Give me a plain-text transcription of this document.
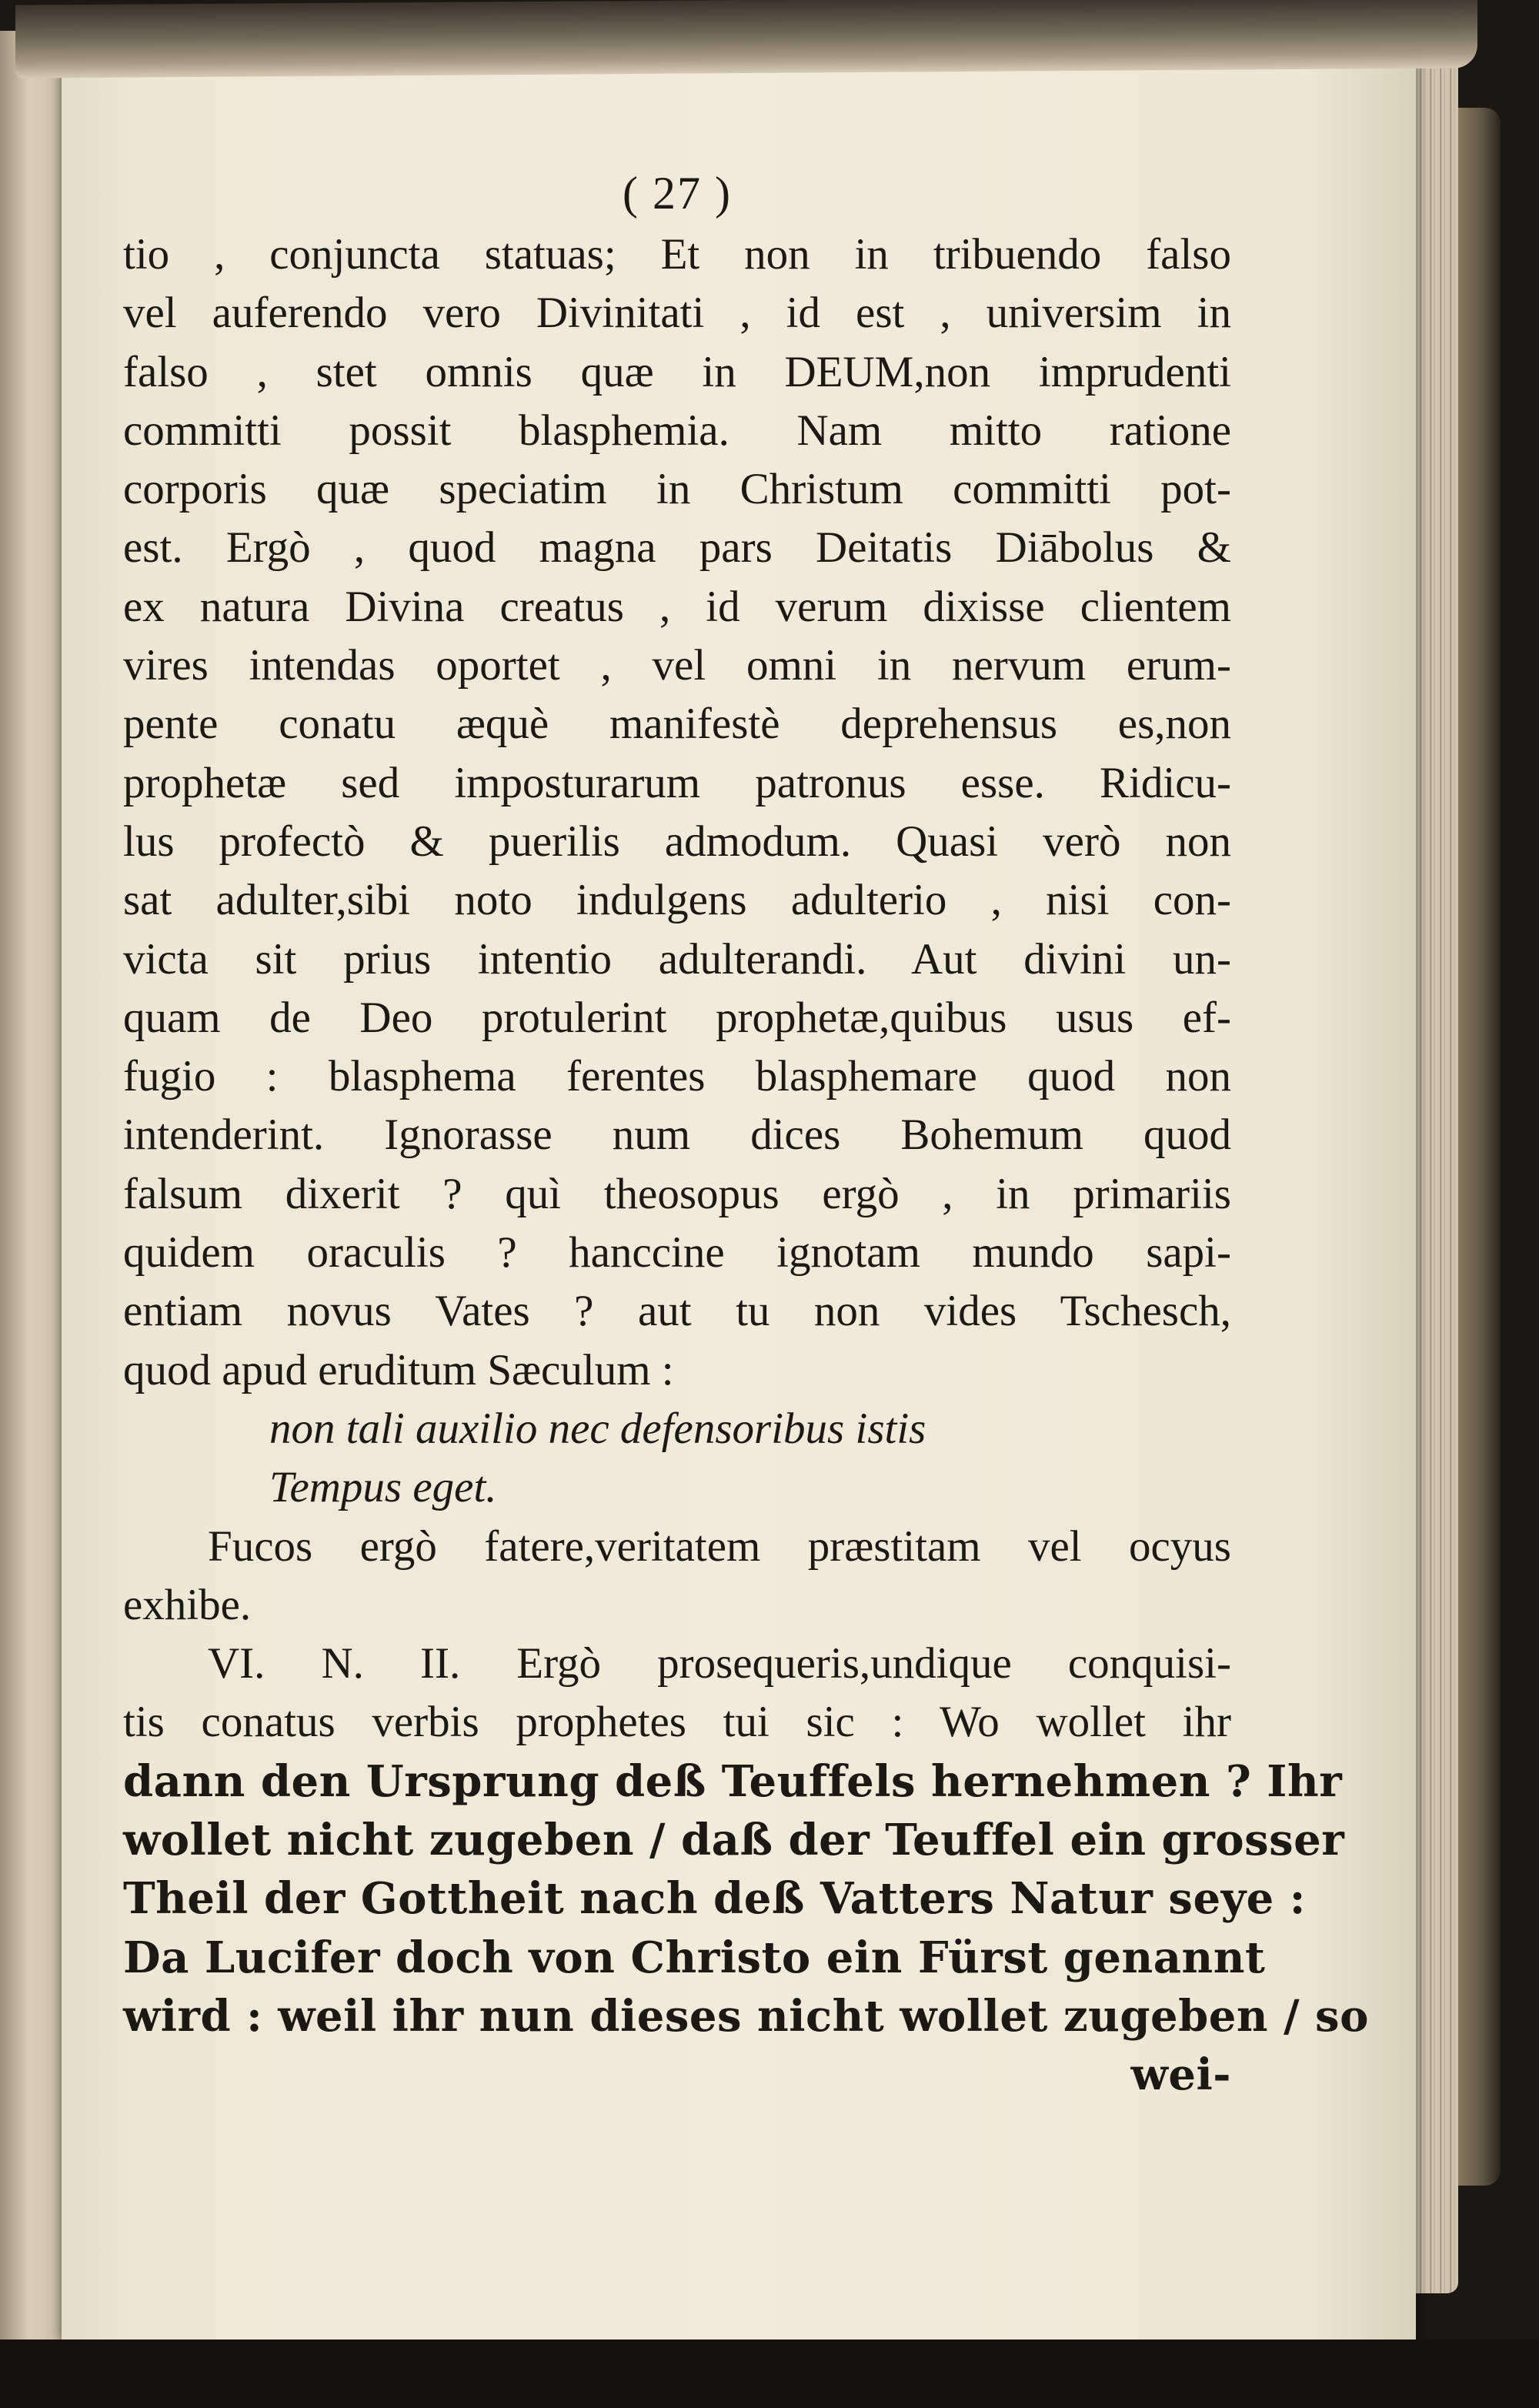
( 27 )
tio , conjuncta statuas; Et non in tribuendo falso
vel auferendo vero Divinitati , id est , universim in
falso , stet omnis quæ in DEUM,non imprudenti
committi possit blasphemia. Nam mitto ratione
corporis quæ speciatim in Christum committi pot-
est. Ergò , quod magna pars Deitatis Diābolus &
ex natura Divina creatus , id verum dixisse clientem
vires intendas oportet , vel omni in nervum erum-
pente conatu æquè manifestè deprehensus es,non
prophetæ sed imposturarum patronus esse. Ridicu-
lus profectò & puerilis admodum. Quasi verò non
sat adulter,sibi noto indulgens adulterio , nisi con-
victa sit prius intentio adulterandi. Aut divini un-
quam de Deo protulerint prophetæ,quibus usus ef-
fugio : blasphema ferentes blasphemare quod non
intenderint. Ignorasse num dices Bohemum quod
falsum dixerit ? quì theosopus ergò , in primariis
quidem oraculis ? hanccine ignotam mundo sapi-
entiam novus Vates ? aut tu non vides Tschesch,
quod apud eruditum Sæculum :
non tali auxilio nec defensoribus istis
Tempus eget.
Fucos ergò fatere,veritatem præstitam vel ocyus
exhibe.
VI. N. II. Ergò prosequeris,undique conquisi-
tis conatus verbis prophetes tui sic : Wo wollet ihr
dann den Ursprung deß Teuffels hernehmen ? Ihr
wollet nicht zugeben / daß der Teuffel ein grosser
Theil der Gottheit nach deß Vatters Natur seye :
Da Lucifer doch von Christo ein Fürst genannt
wird : weil ihr nun dieses nicht wollet zugeben / so
wei-
